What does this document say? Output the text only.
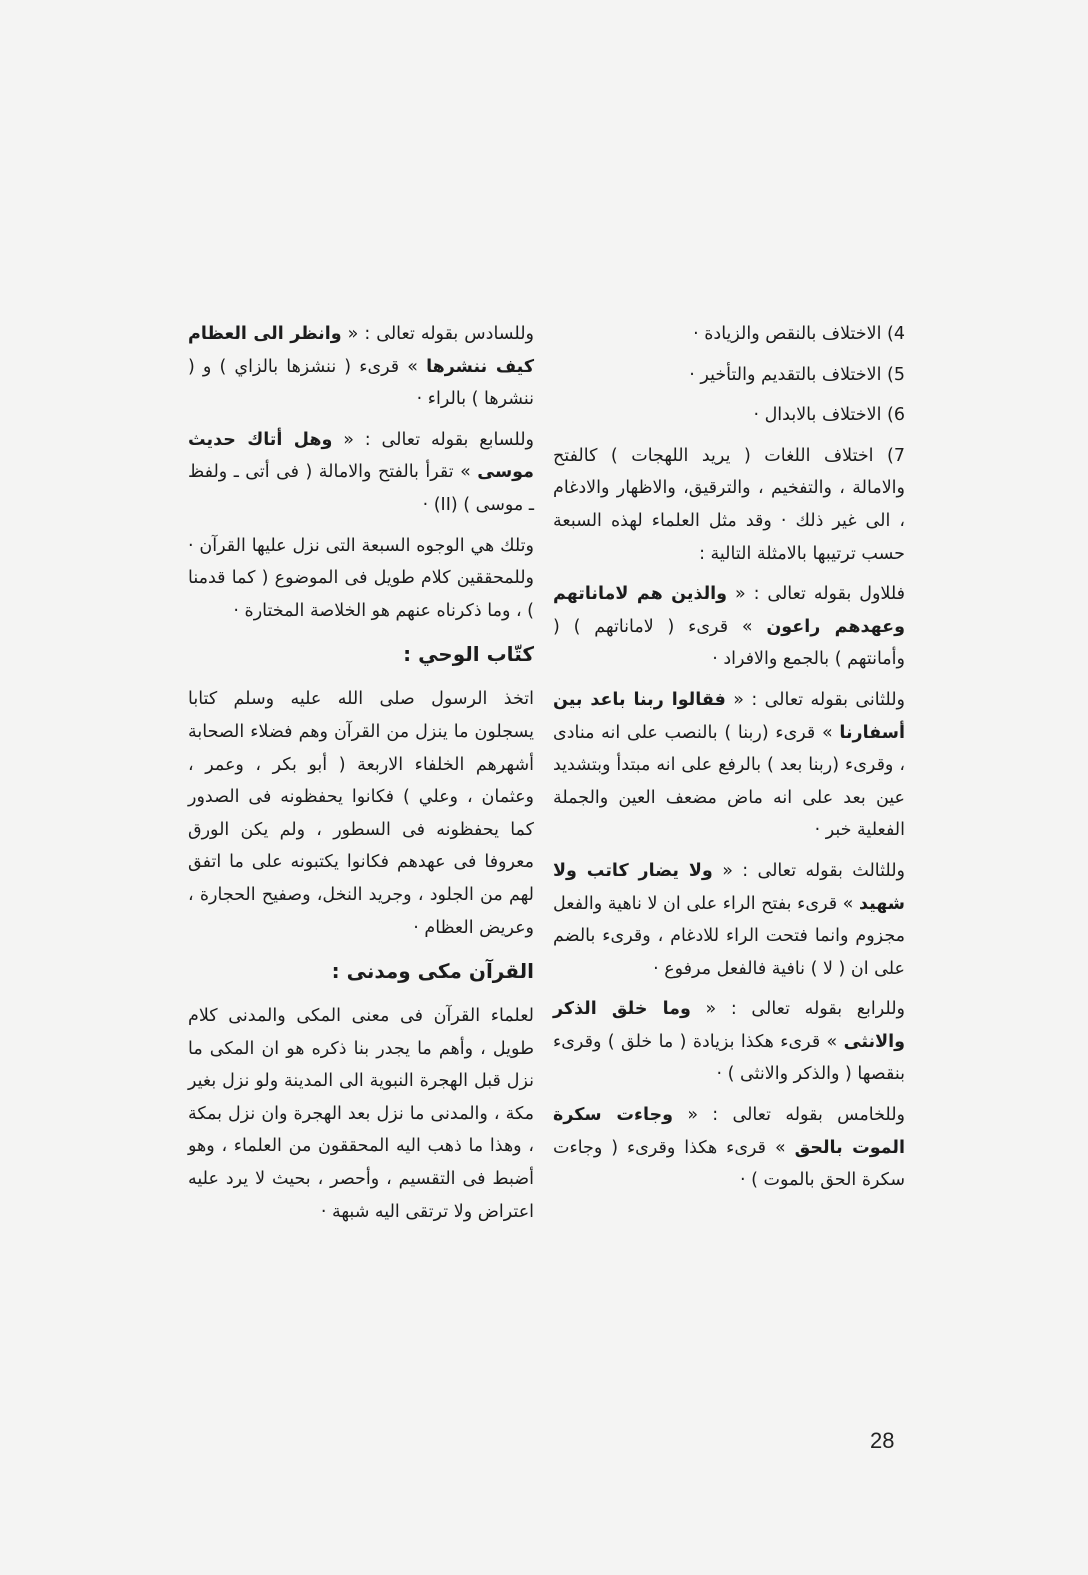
4) الاختلاف بالنقص والزيادة ·

5) الاختلاف بالتقديم والتأخير ·

6) الاختلاف بالابدال ·

7) اختلاف اللغات ( يريد اللهجات ) كالفتح والامالة ، والتفخيم ، والترقيق، والاظهار والادغام ، الى غير ذلك · وقد مثل العلماء لهذه السبعة حسب ترتيبها بالامثلة التالية :

فللاول بقوله تعالى : « والذين هم لاماناتهم وعهدهم راعون » قرىء ( لاماناتهم ) ( وأمانتهم ) بالجمع والافراد ·

وللثانى بقوله تعالى : « فقالوا ربنا باعد بين أسفارنا » قرىء (ربنا ) بالنصب على انه منادى ، وقرىء (ربنا بعد ) بالرفع على انه مبتدأ وبتشديد عين بعد على انه ماض مضعف العين والجملة الفعلية خبر ·

وللثالث بقوله تعالى : « ولا يضار كاتب ولا شهيد » قرىء بفتح الراء على ان لا ناهية والفعل مجزوم وانما فتحت الراء للادغام ، وقرىء بالضم على ان ( لا ) نافية فالفعل مرفوع ·

وللرابع بقوله تعالى : « وما خلق الذكر والانثى » قرىء هكذا بزيادة ( ما خلق ) وقرىء بنقصها ( والذكر والانثى ) ·

وللخامس بقوله تعالى : « وجاءت سكرة الموت بالحق » قرىء هكذا وقرىء ( وجاءت سكرة الحق بالموت ) ·

وللسادس بقوله تعالى : « وانظر الى العظام كيف ننشرها » قرىء ( ننشزها بالزاي ) و ( ننشرها ) بالراء ·

وللسابع بقوله تعالى : « وهل أتاك حديث موسى » تقرأ بالفتح والامالة ( فى أتى ـ ولفظ ـ موسى ) (II) ·

وتلك هي الوجوه السبعة التى نزل عليها القرآن · وللمحققين كلام طويل فى الموضوع ( كما قدمنا ) ، وما ذكرناه عنهم هو الخلاصة المختارة ·

كتّاب الوحي :

اتخذ الرسول صلى الله عليه وسلم كتابا يسجلون ما ينزل من القرآن وهم فضلاء الصحابة أشهرهم الخلفاء الاربعة ( أبو بكر ، وعمر ، وعثمان ، وعلي ) فكانوا يحفظونه فى الصدور كما يحفظونه فى السطور ، ولم يكن الورق معروفا فى عهدهم فكانوا يكتبونه على ما اتفق لهم من الجلود ، وجريد النخل، وصفيح الحجارة ، وعريض العظام ·

القرآن مكى ومدنى :

لعلماء القرآن فى معنى المكى والمدنى كلام طويل ، وأهم ما يجدر بنا ذكره هو ان المكى ما نزل قبل الهجرة النبوية الى المدينة ولو نزل بغير مكة ، والمدنى ما نزل بعد الهجرة وان نزل بمكة ، وهذا ما ذهب اليه المحققون من العلماء ، وهو أضبط فى التقسيم ، وأحصر ، بحيث لا يرد عليه اعتراض ولا ترتقى اليه شبهة ·

28
